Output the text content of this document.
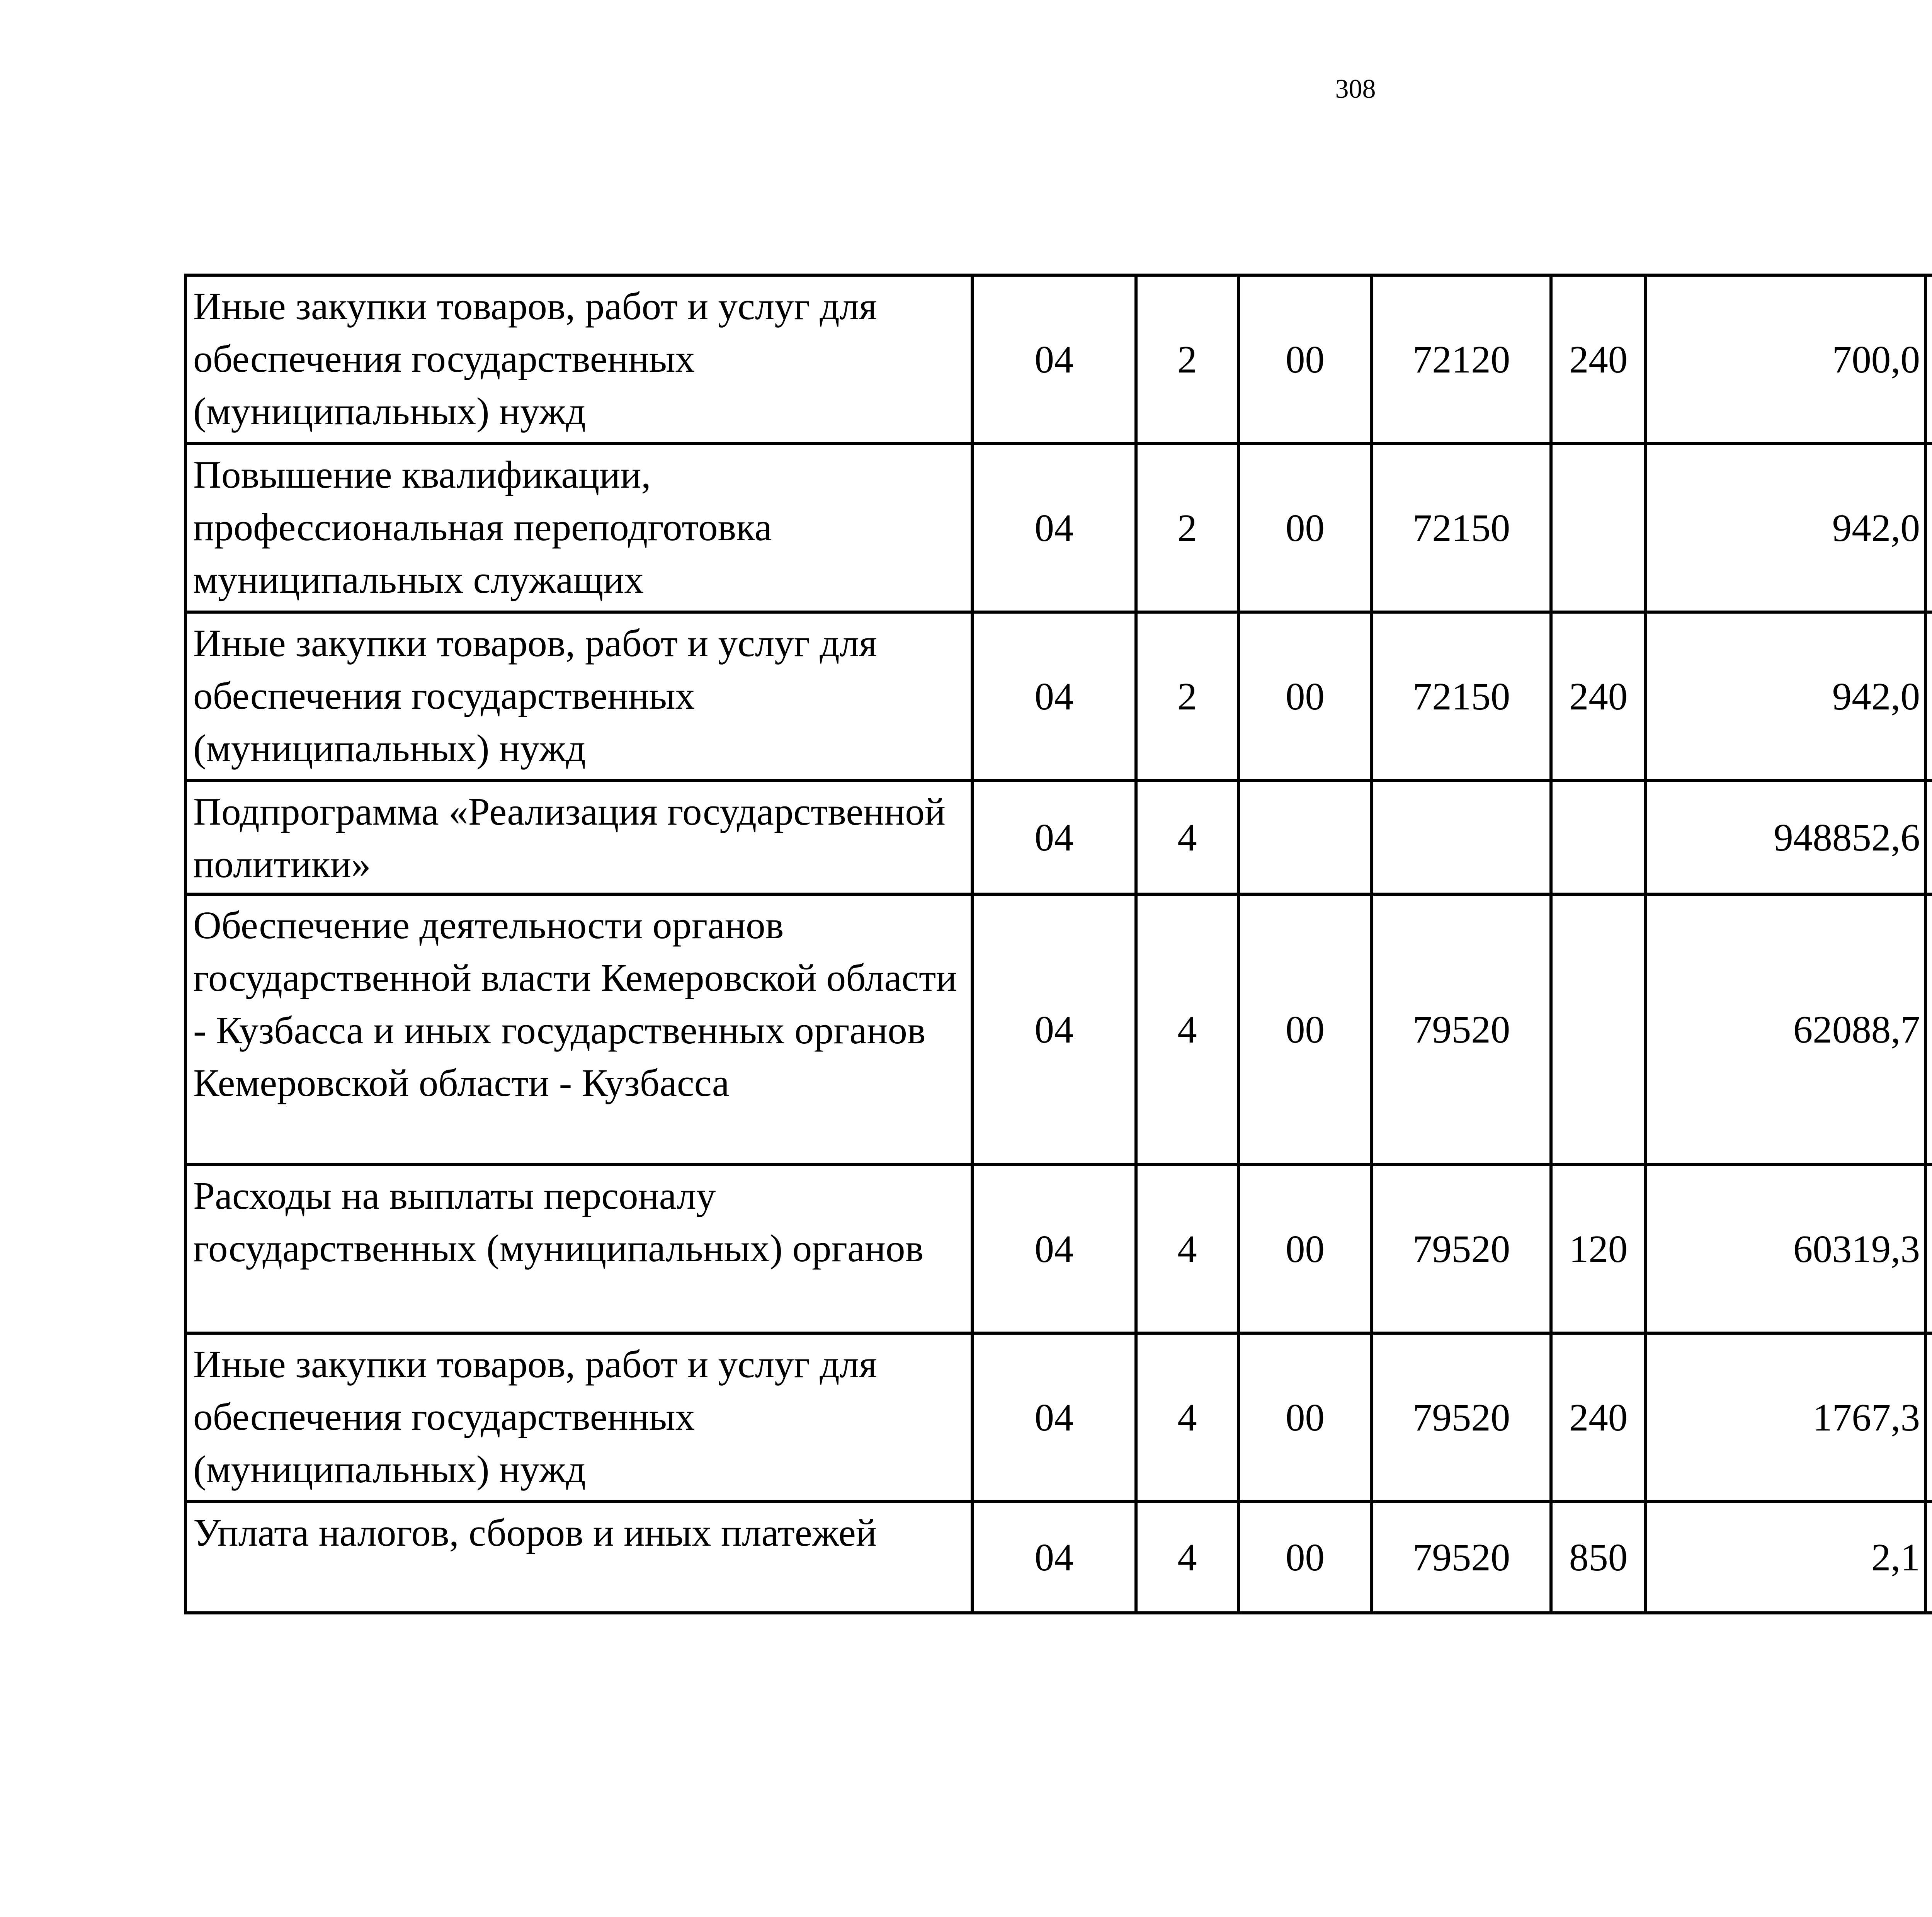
308
Иные закупки товаров, работ и услуг для обеспечения государственных (муниципальных) нужд	04	2	00	72120	240	700,0		
Повышение квалификации, профессиональная переподготовка муниципальных служащих	04	2	00	72150		942,0		
Иные закупки товаров, работ и услуг для обеспечения государственных (муниципальных) нужд	04	2	00	72150	240	942,0		
Подпрограмма «Реализация государственной политики»	04	4				948852,6		
Обеспечение деятельности органов государственной власти Кемеровской области - Кузбасса и иных государственных органов Кемеровской области - Кузбасса	04	4	00	79520		62088,7		
Расходы на выплаты персоналу государственных (муниципальных) органов	04	4	00	79520	120	60319,3		
Иные закупки товаров, работ и услуг для обеспечения государственных (муниципальных) нужд	04	4	00	79520	240	1767,3		
Уплата налогов, сборов и иных платежей	04	4	00	79520	850	2,1		
